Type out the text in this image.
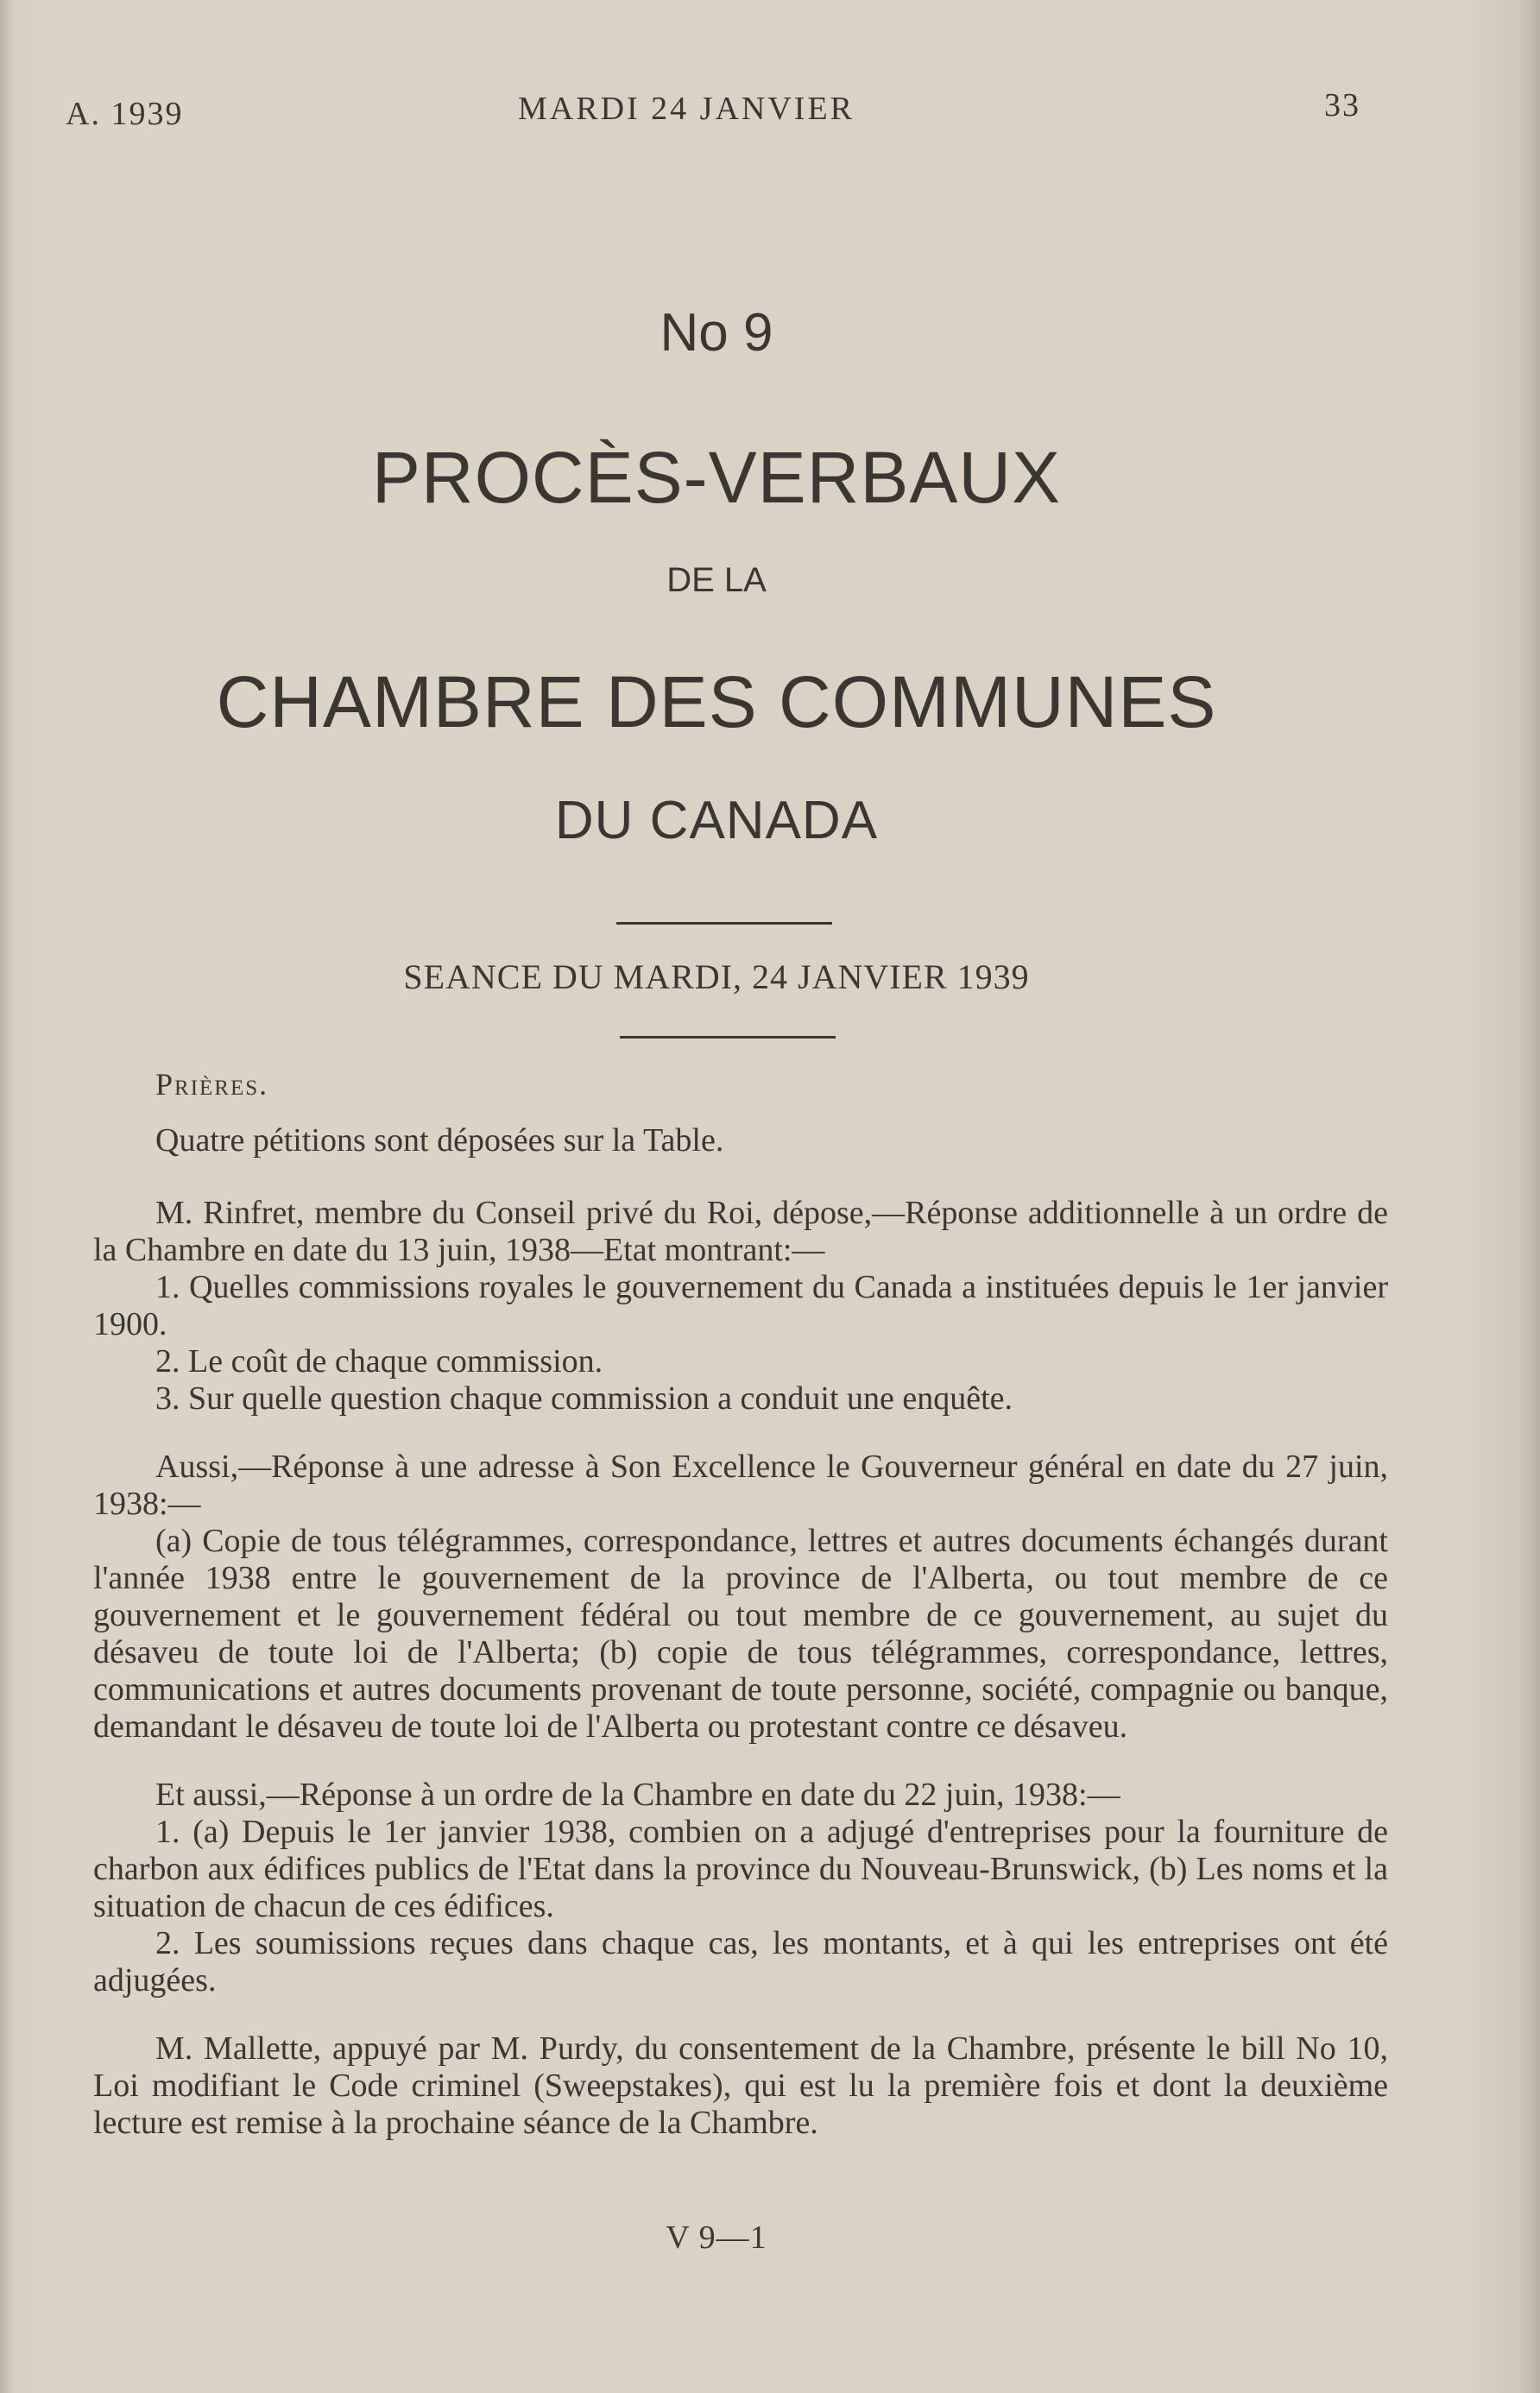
A. 1939	MARDI 24 JANVIER	33
No 9
PROCÈS-VERBAUX
DE LA
CHAMBRE DES COMMUNES
DU CANADA
SEANCE DU MARDI, 24 JANVIER 1939
Prières.

Quatre pétitions sont déposées sur la Table.

M. Rinfret, membre du Conseil privé du Roi, dépose,—Réponse additionnelle à un ordre de la Chambre en date du 13 juin, 1938—Etat montrant:—

1. Quelles commissions royales le gouvernement du Canada a instituées depuis le 1er janvier 1900.

2. Le coût de chaque commission.

3. Sur quelle question chaque commission a conduit une enquête.

Aussi,—Réponse à une adresse à Son Excellence le Gouverneur général en date du 27 juin, 1938:—

(a) Copie de tous télégrammes, correspondance, lettres et autres documents échangés durant l'année 1938 entre le gouvernement de la province de l'Alberta, ou tout membre de ce gouvernement et le gouvernement fédéral ou tout membre de ce gouvernement, au sujet du désaveu de toute loi de l'Alberta; (b) copie de tous télégrammes, correspondance, lettres, communications et autres documents provenant de toute personne, société, compagnie ou banque, demandant le désaveu de toute loi de l'Alberta ou protestant contre ce désaveu.

Et aussi,—Réponse à un ordre de la Chambre en date du 22 juin, 1938:—

1. (a) Depuis le 1er janvier 1938, combien on a adjugé d'entreprises pour la fourniture de charbon aux édifices publics de l'Etat dans la province du Nouveau-Brunswick, (b) Les noms et la situation de chacun de ces édifices.

2. Les soumissions reçues dans chaque cas, les montants, et à qui les entreprises ont été adjugées.

M. Mallette, appuyé par M. Purdy, du consentement de la Chambre, présente le bill No 10, Loi modifiant le Code criminel (Sweepstakes), qui est lu la première fois et dont la deuxième lecture est remise à la prochaine séance de la Chambre.

V 9—1
